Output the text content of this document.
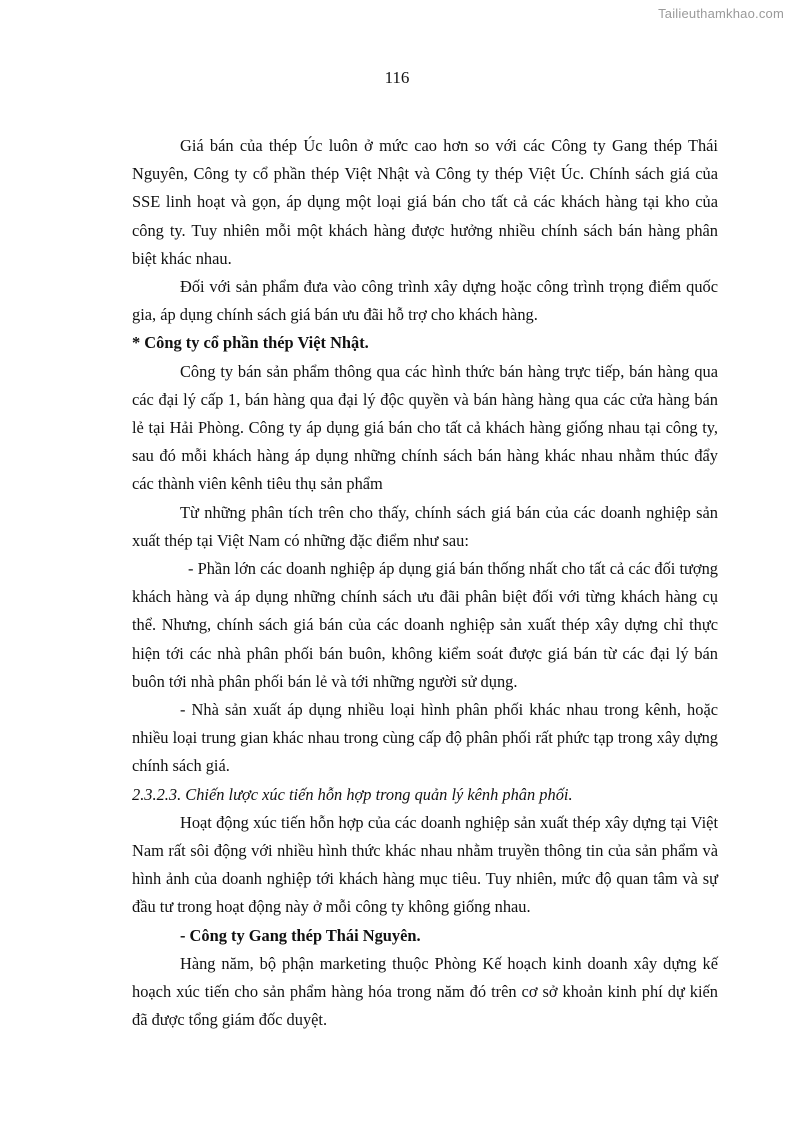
Tailieuthamkhao.com
116

Giá bán của thép Úc luôn ở mức cao hơn so với các Công ty Gang thép Thái Nguyên, Công ty cổ phần thép Việt Nhật và Công ty thép Việt Úc. Chính sách giá của SSE linh hoạt và gọn, áp dụng một loại giá bán cho tất cả các khách hàng tại kho của công ty. Tuy nhiên mỗi một khách hàng được hưởng nhiều chính sách bán hàng phân biệt khác nhau.

Đối với sản phẩm đưa vào công trình xây dựng hoặc công trình trọng điểm quốc gia, áp dụng chính sách giá bán ưu đãi hỗ trợ cho khách hàng.

* Công ty cổ phần thép Việt Nhật.

Công ty bán sản phẩm thông qua các hình thức bán hàng trực tiếp, bán hàng qua các đại lý cấp 1, bán hàng qua đại lý độc quyền và bán hàng hàng qua các cửa hàng bán lẻ tại Hải Phòng. Công ty áp dụng giá bán cho tất cả khách hàng giống nhau tại công ty, sau đó mỗi khách hàng áp dụng những chính sách bán hàng khác nhau nhằm thúc đẩy các thành viên kênh tiêu thụ sản phẩm

Từ những phân tích trên cho thấy, chính sách giá bán của các doanh nghiệp sản xuất thép tại Việt Nam có những đặc điểm như sau:

- Phần lớn các doanh nghiệp áp dụng giá bán thống nhất cho tất cả các đối tượng khách hàng và áp dụng những chính sách ưu đãi phân biệt đối với từng khách hàng cụ thể. Nhưng, chính sách giá bán của các doanh nghiệp sản xuất thép xây dựng chỉ thực hiện tới các nhà phân phối bán buôn, không kiểm soát được giá bán từ các đại lý bán buôn tới nhà phân phối bán lẻ và tới những người sử dụng.

- Nhà sản xuất áp dụng nhiều loại hình phân phối khác nhau trong kênh, hoặc nhiều loại trung gian khác nhau trong cùng cấp độ phân phối rất phức tạp trong xây dựng chính sách giá.

2.3.2.3. Chiến lược xúc tiến hỗn hợp trong quản lý kênh phân phối.

Hoạt động xúc tiến hỗn hợp của các doanh nghiệp sản xuất thép xây dựng tại Việt Nam rất sôi động với nhiều hình thức khác nhau nhằm truyền thông tin của sản phẩm và hình ảnh của doanh nghiệp tới khách hàng mục tiêu. Tuy nhiên, mức độ quan tâm và sự đầu tư trong hoạt động này ở mỗi công ty không giống nhau.

- Công ty Gang thép Thái Nguyên.

Hàng năm, bộ phận marketing thuộc Phòng Kế hoạch kinh doanh xây dựng kế hoạch xúc tiến cho sản phẩm hàng hóa trong năm đó trên cơ sở khoản kinh phí dự kiến đã được tổng giám đốc duyệt.
